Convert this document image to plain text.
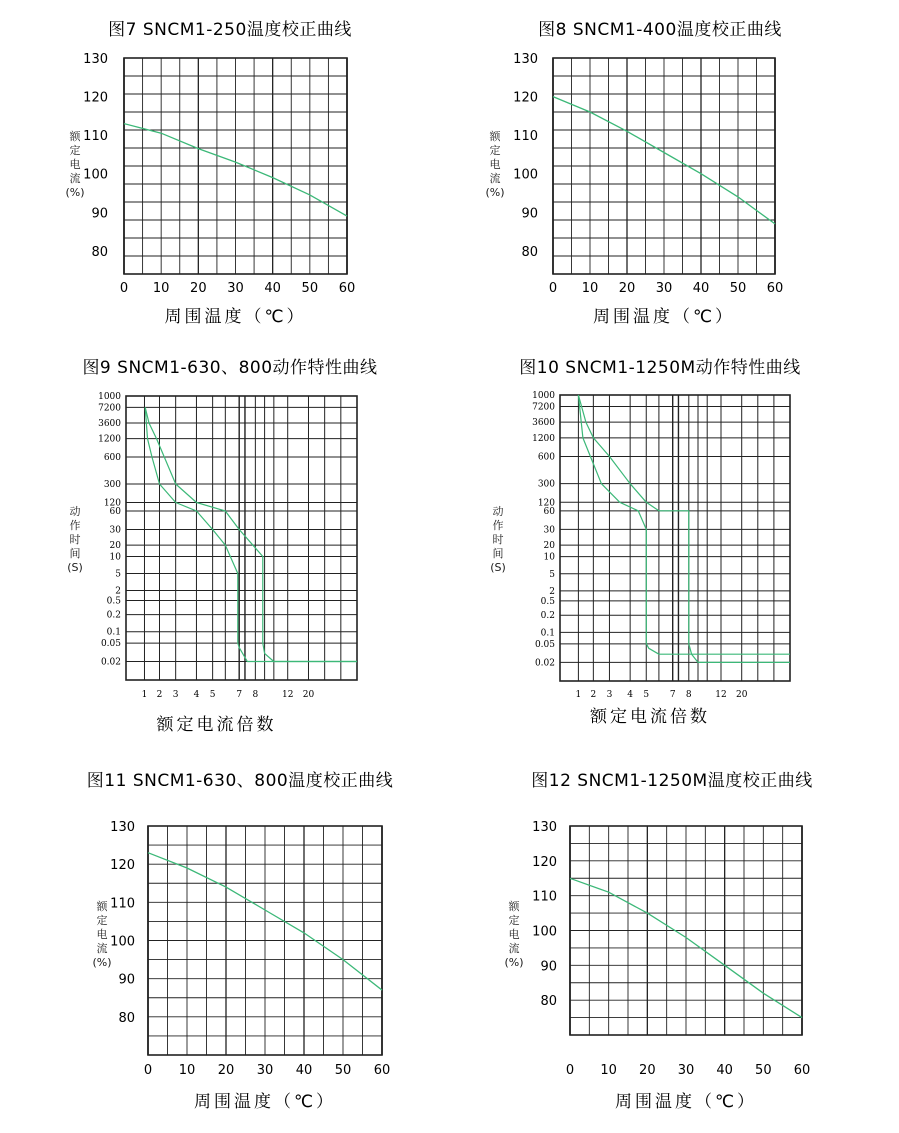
图7 SNCM1-250温度校正曲线
80
90
100
110
120
130
0 10 20 30 40 50 60
周围温度（℃）
额定电流(%)
图8 SNCM1-400温度校正曲线
80
90
100
110
120
130
0 10 20 30 40 50 60
周围温度（℃）
额定电流(%)
图11 SNCM1-630、800温度校正曲线
80
90
100
110
120
130
0 10 20 30 40 50 60
周围温度（℃）
额定电流(%)
图12 SNCM1-1250M温度校正曲线
80
90
100
110
120
130
0 10 20 30 40 50 60
周围温度（℃）
额定电流(%)
图9 SNCM1-630、800动作特性曲线
0.02
0.05
0.1
0.2
0.5
2
5
10
20
30
60
120
300
600
1200
3600
7200
1000
1 2 3 4 5 7 8	12 20
额定电流倍数
动作时间(S)
图10 SNCM1-1250M动作特性曲线
0.02
0.05
0.1
0.2
0.5
2
5
10
20
30
60
120
300
600
1200
3600
7200
1000
1 2 3 4 5 7 8	12 20
额定电流倍数
动作时间(S)
